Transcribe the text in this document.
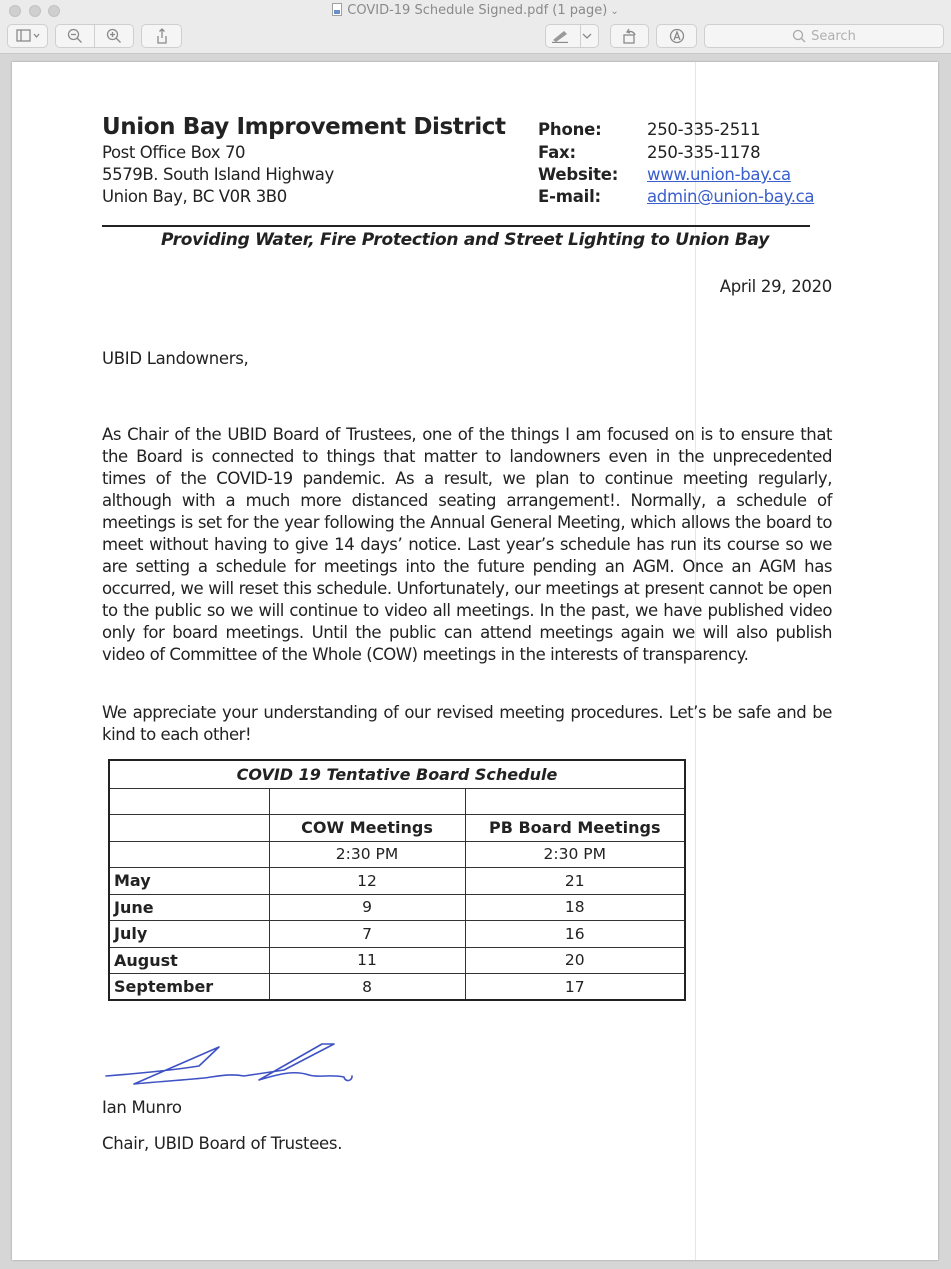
COVID-19 Schedule Signed.pdf (1 page) ⌄
Search
Union Bay Improvement District
Post Office Box 70
5579B. South Island Highway
Union Bay, BC V0R 3B0
Phone:	250-335-2511
Fax:	250-335-1178
Website: www.union-bay.ca
E-mail:	admin@union-bay.ca
Providing Water, Fire Protection and Street Lighting to Union Bay
April 29, 2020
UBID Landowners,

As Chair of the UBID Board of Trustees, one of the things I am focused on is to ensure that the Board is connected to things that matter to landowners even in the unprecedented times of the COVID-19 pandemic. As a result, we plan to continue meeting regularly, although with a much more distanced seating arrangement!. Normally, a schedule of meetings is set for the year following the Annual General Meeting, which allows the board to meet without having to give 14 days’ notice. Last year’s schedule has run its course so we are setting a schedule for meetings into the future pending an AGM. Once an AGM has occurred, we will reset this schedule. Unfortunately, our meetings at present cannot be open to the public so we will continue to video all meetings. In the past, we have published video only for board meetings. Until the public can attend meetings again we will also publish video of Committee of the Whole (COW) meetings in the interests of transparency.

We appreciate your understanding of our revised meeting procedures. Let’s be safe and be kind to each other!

COVID 19 Tentative Board Schedule		

	COW Meetings	PB Board Meetings
	2:30 PM	2:30 PM
May	12	21
June	9	18
July	7	16
August	11	20
September	8	17
Ian Munro
Chair, UBID Board of Trustees.
